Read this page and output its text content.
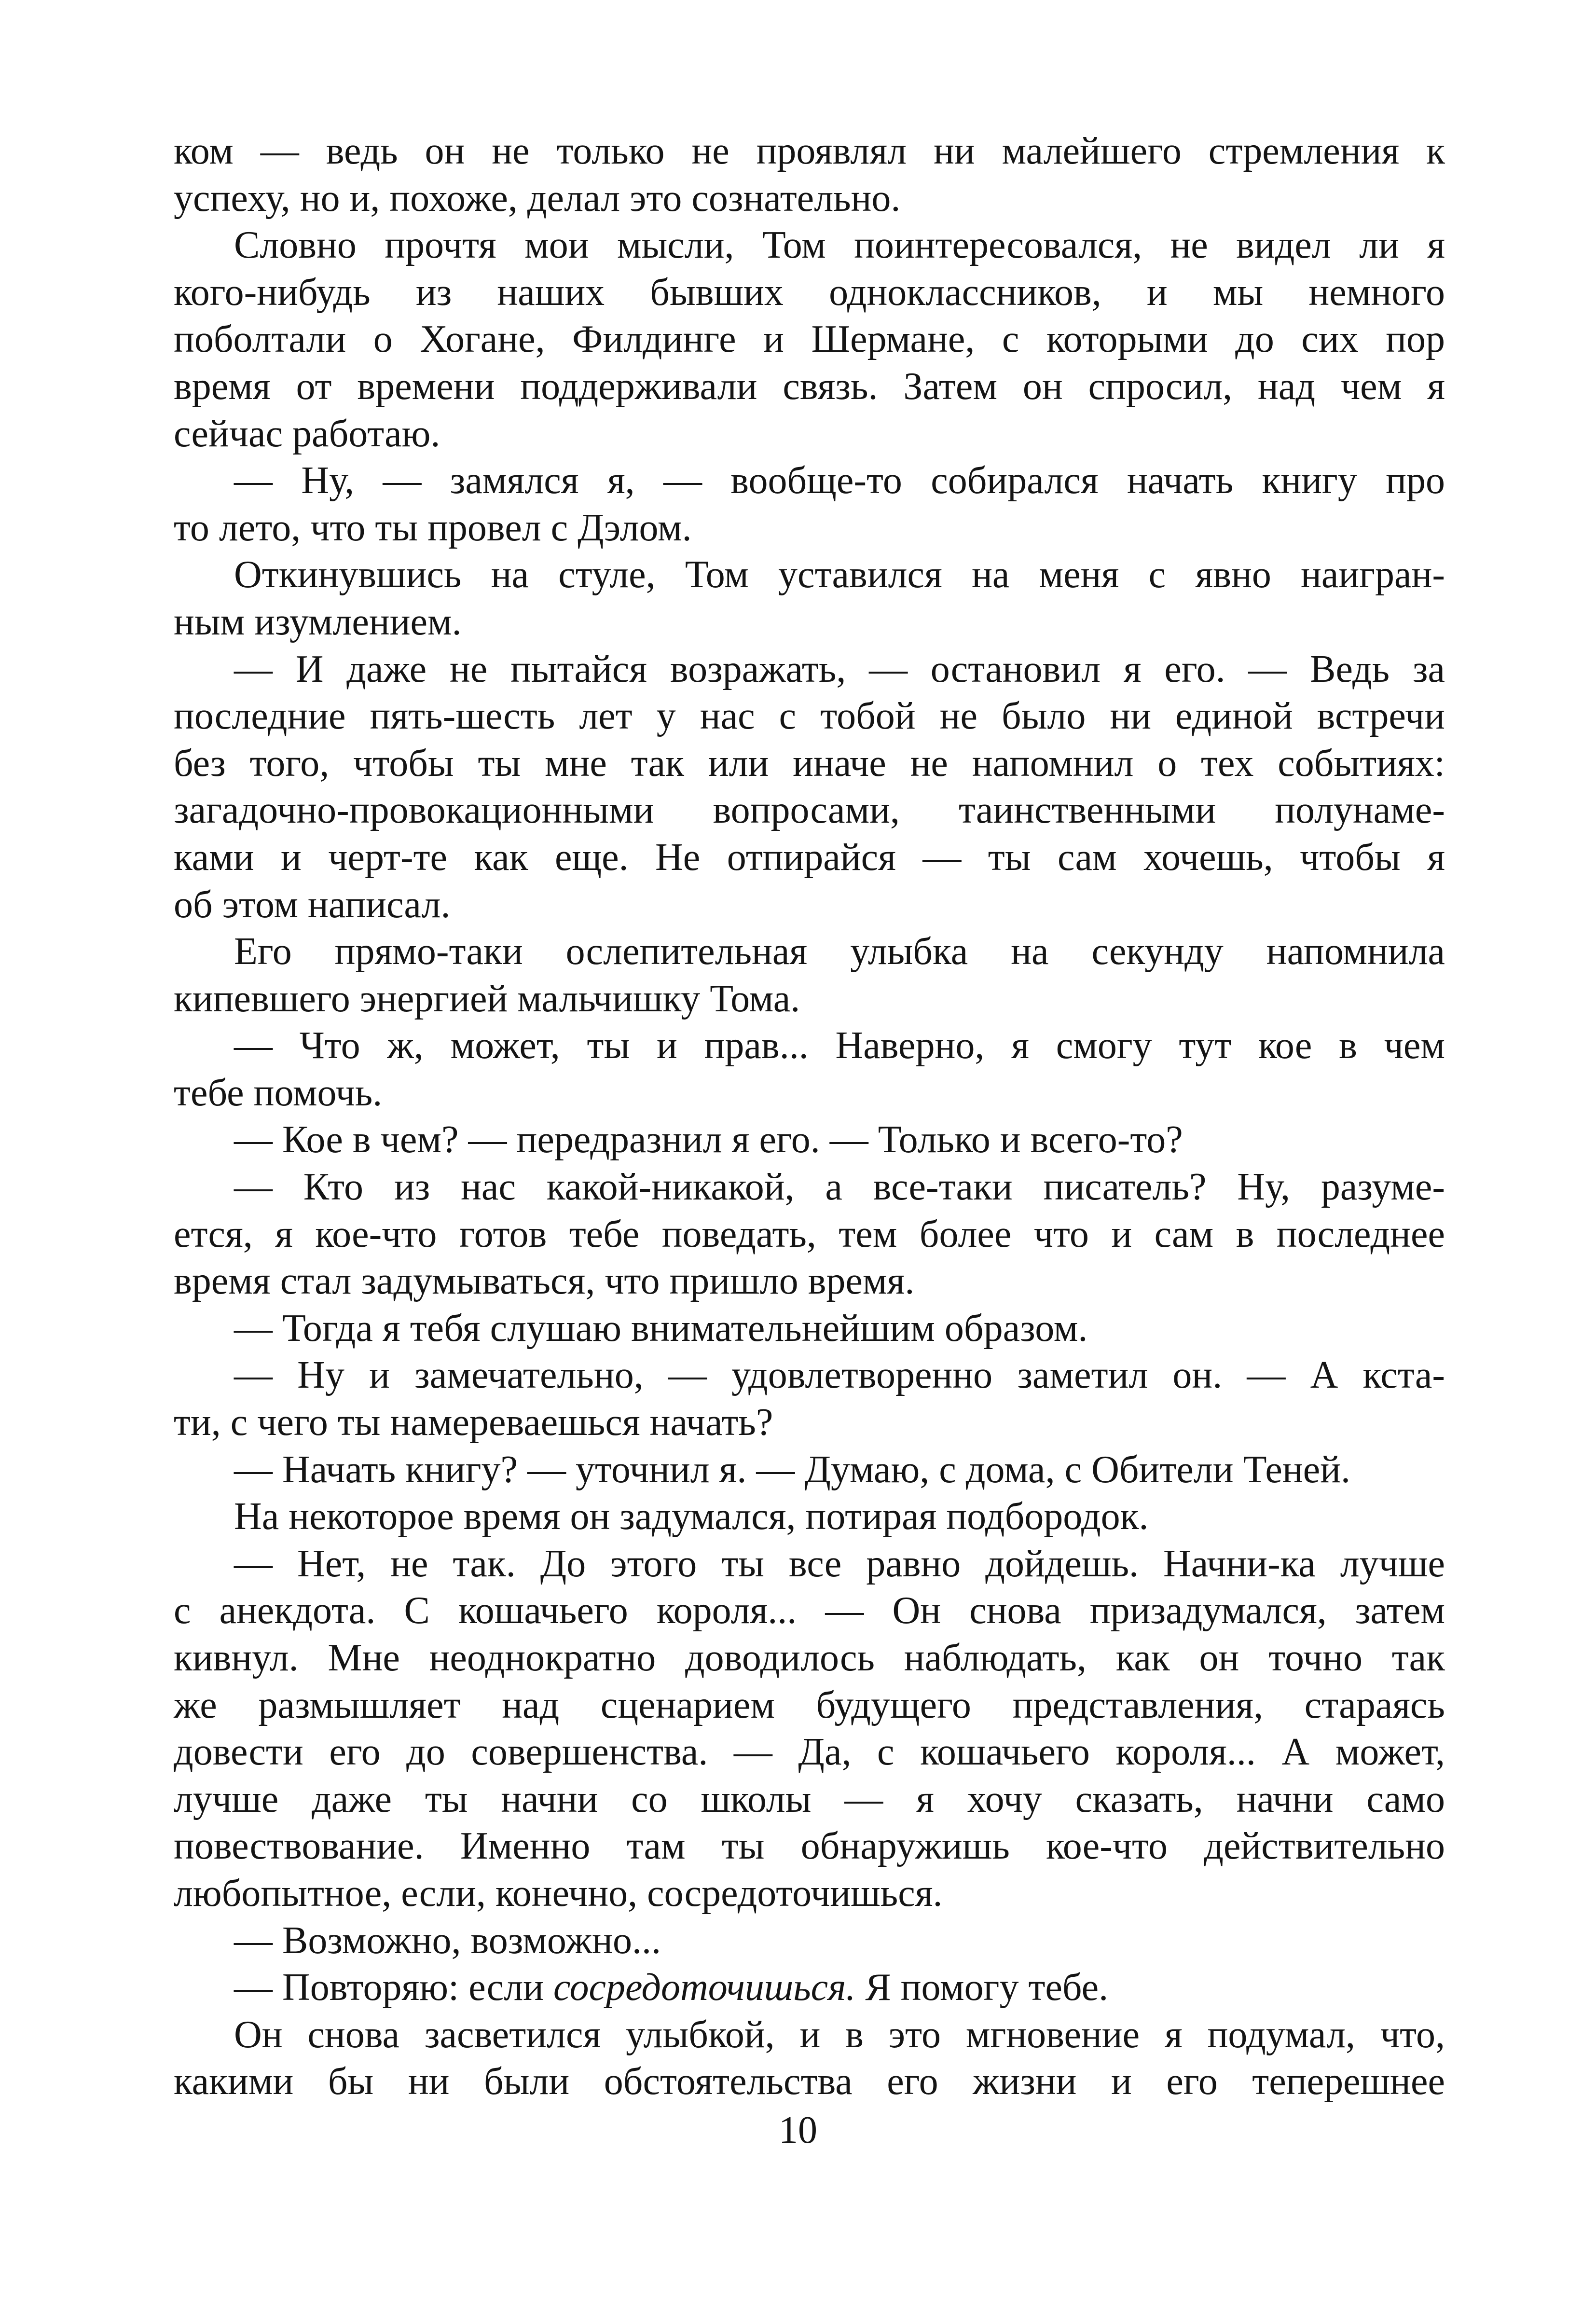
ком — ведь он не только не проявлял ни малейшего стремления к
успеху, но и, похоже, делал это сознательно.
Словно прочтя мои мысли, Том поинтересовался, не видел ли я
кого-нибудь из наших бывших одноклассников, и мы немного
поболтали о Хогане, Филдинге и Шермане, с которыми до сих пор
время от времени поддерживали связь. Затем он спросил, над чем я
сейчас работаю.
— Ну, — замялся я, — вообще-то собирался начать книгу про
то лето, что ты провел с Дэлом.
Откинувшись на стуле, Том уставился на меня с явно наигран-
ным изумлением.
— И даже не пытайся возражать, — остановил я его. — Ведь за
последние пять-шесть лет у нас с тобой не было ни единой встречи
без того, чтобы ты мне так или иначе не напомнил о тех событиях:
загадочно-провокационными вопросами, таинственными полунаме-
ками и черт-те как еще. Не отпирайся — ты сам хочешь, чтобы я
об этом написал.
Его прямо-таки ослепительная улыбка на секунду напомнила
кипевшего энергией мальчишку Тома.
— Что ж, может, ты и прав... Наверно, я смогу тут кое в чем
тебе помочь.
— Кое в чем? — передразнил я его. — Только и всего-то?
— Кто из нас какой-никакой, а все-таки писатель? Ну, разуме-
ется, я кое-что готов тебе поведать, тем более что и сам в последнее
время стал задумываться, что пришло время.
— Тогда я тебя слушаю внимательнейшим образом.
— Ну и замечательно, — удовлетворенно заметил он. — А кста-
ти, с чего ты намереваешься начать?
— Начать книгу? — уточнил я. — Думаю, с дома, с Обители Теней.
На некоторое время он задумался, потирая подбородок.
— Нет, не так. До этого ты все равно дойдешь. Начни-ка лучше
с анекдота. С кошачьего короля... — Он снова призадумался, затем
кивнул. Мне неоднократно доводилось наблюдать, как он точно так
же размышляет над сценарием будущего представления, стараясь
довести его до совершенства. — Да, с кошачьего короля... А может,
лучше даже ты начни со школы — я хочу сказать, начни само
повествование. Именно там ты обнаружишь кое-что действительно
любопытное, если, конечно, сосредоточишься.
— Возможно, возможно...
— Повторяю: если сосредоточишься. Я помогу тебе.
Он снова засветился улыбкой, и в это мгновение я подумал, что,
какими бы ни были обстоятельства его жизни и его теперешнее
10
